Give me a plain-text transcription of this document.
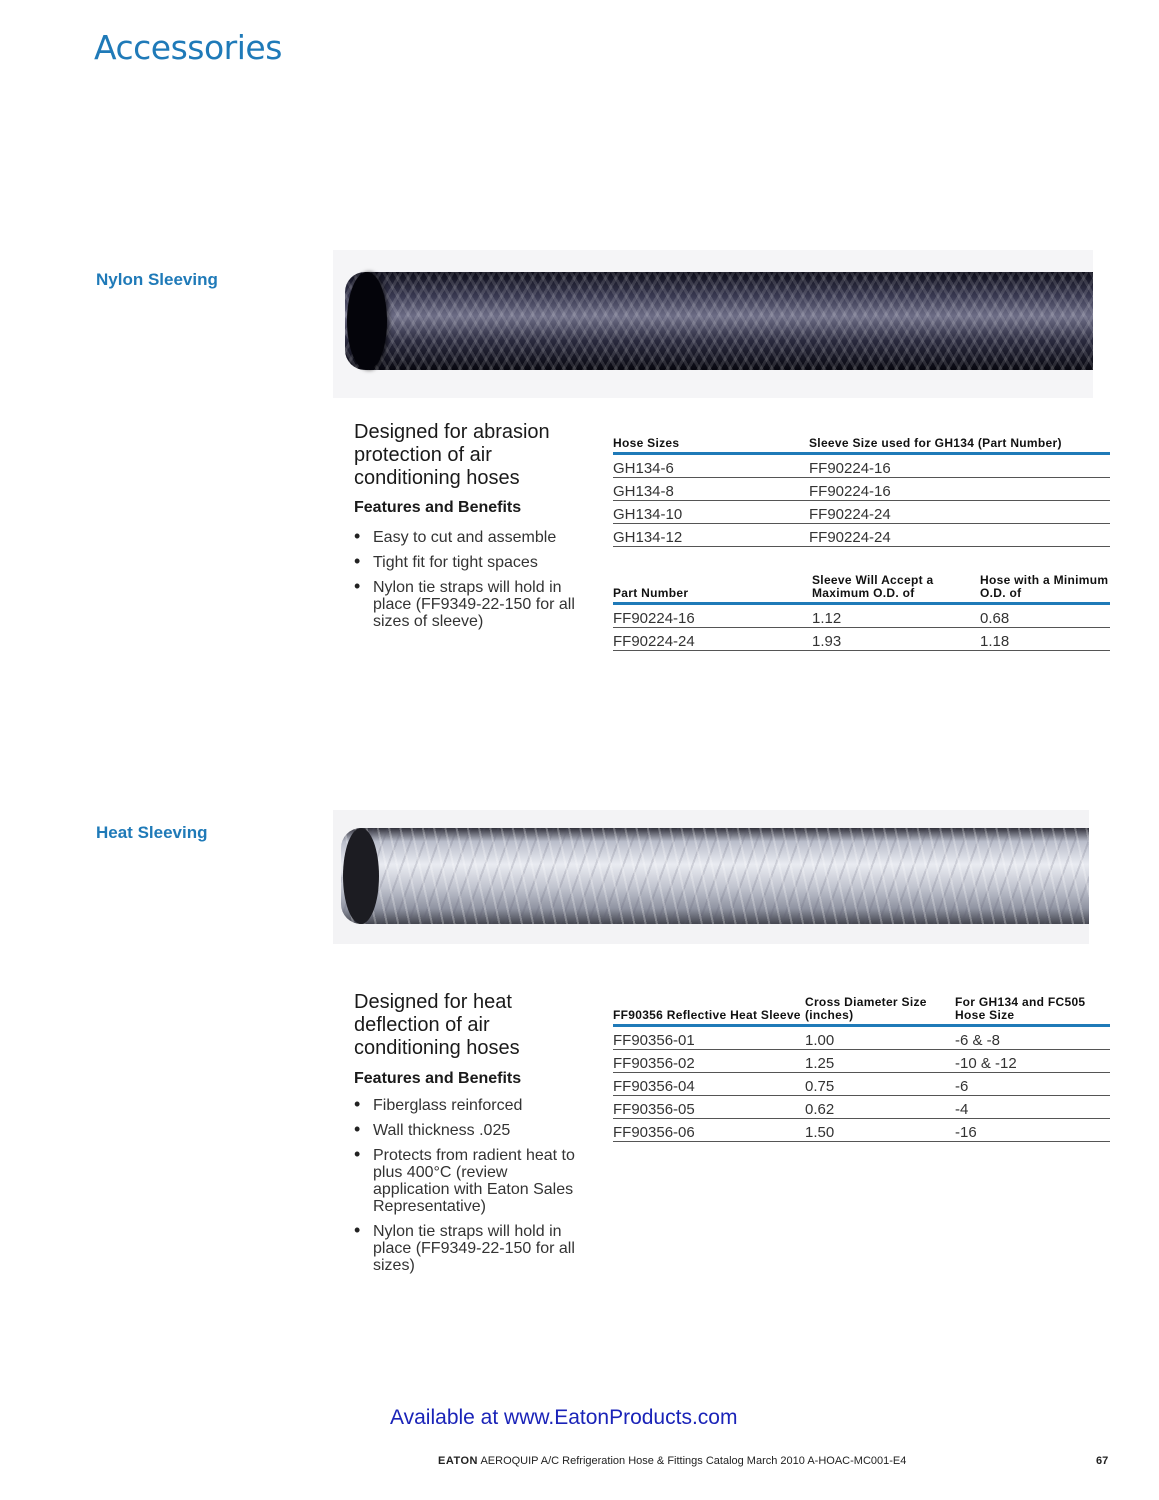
Accessories
Nylon Sleeving
Designed for abrasion protection of air conditioning hoses
Features and Benefits
• Easy to cut and assemble
• Tight fit for tight spaces
• Nylon tie straps will hold in place (FF9349-22-150 for all sizes of sleeve)
Hose Sizes	Sleeve Size used for GH134 (Part Number)
GH134-6	FF90224-16
GH134-8	FF90224-16
GH134-10	FF90224-24
GH134-12	FF90224-24
Part Number	Sleeve Will Accept a Maximum O.D. of	Hose with a Minimum O.D. of
FF90224-16	1.12	0.68
FF90224-24	1.93	1.18
Heat Sleeving
Designed for heat deflection of air conditioning hoses
Features and Benefits
• Fiberglass reinforced
• Wall thickness .025
• Protects from radient heat to plus 400°C (review application with Eaton Sales Representative)
• Nylon tie straps will hold in place (FF9349-22-150 for all sizes)
FF90356 Reflective Heat Sleeve	Cross Diameter Size (inches)	For GH134 and FC505 Hose Size
FF90356-01	1.00	-6 & -8
FF90356-02	1.25	-10 & -12
FF90356-04	0.75	-6
FF90356-05	0.62	-4
FF90356-06	1.50	-16
Available at www.EatonProducts.com
EATON AEROQUIP A/C Refrigeration Hose & Fittings Catalog March 2010 A-HOAC-MC001-E4	67
